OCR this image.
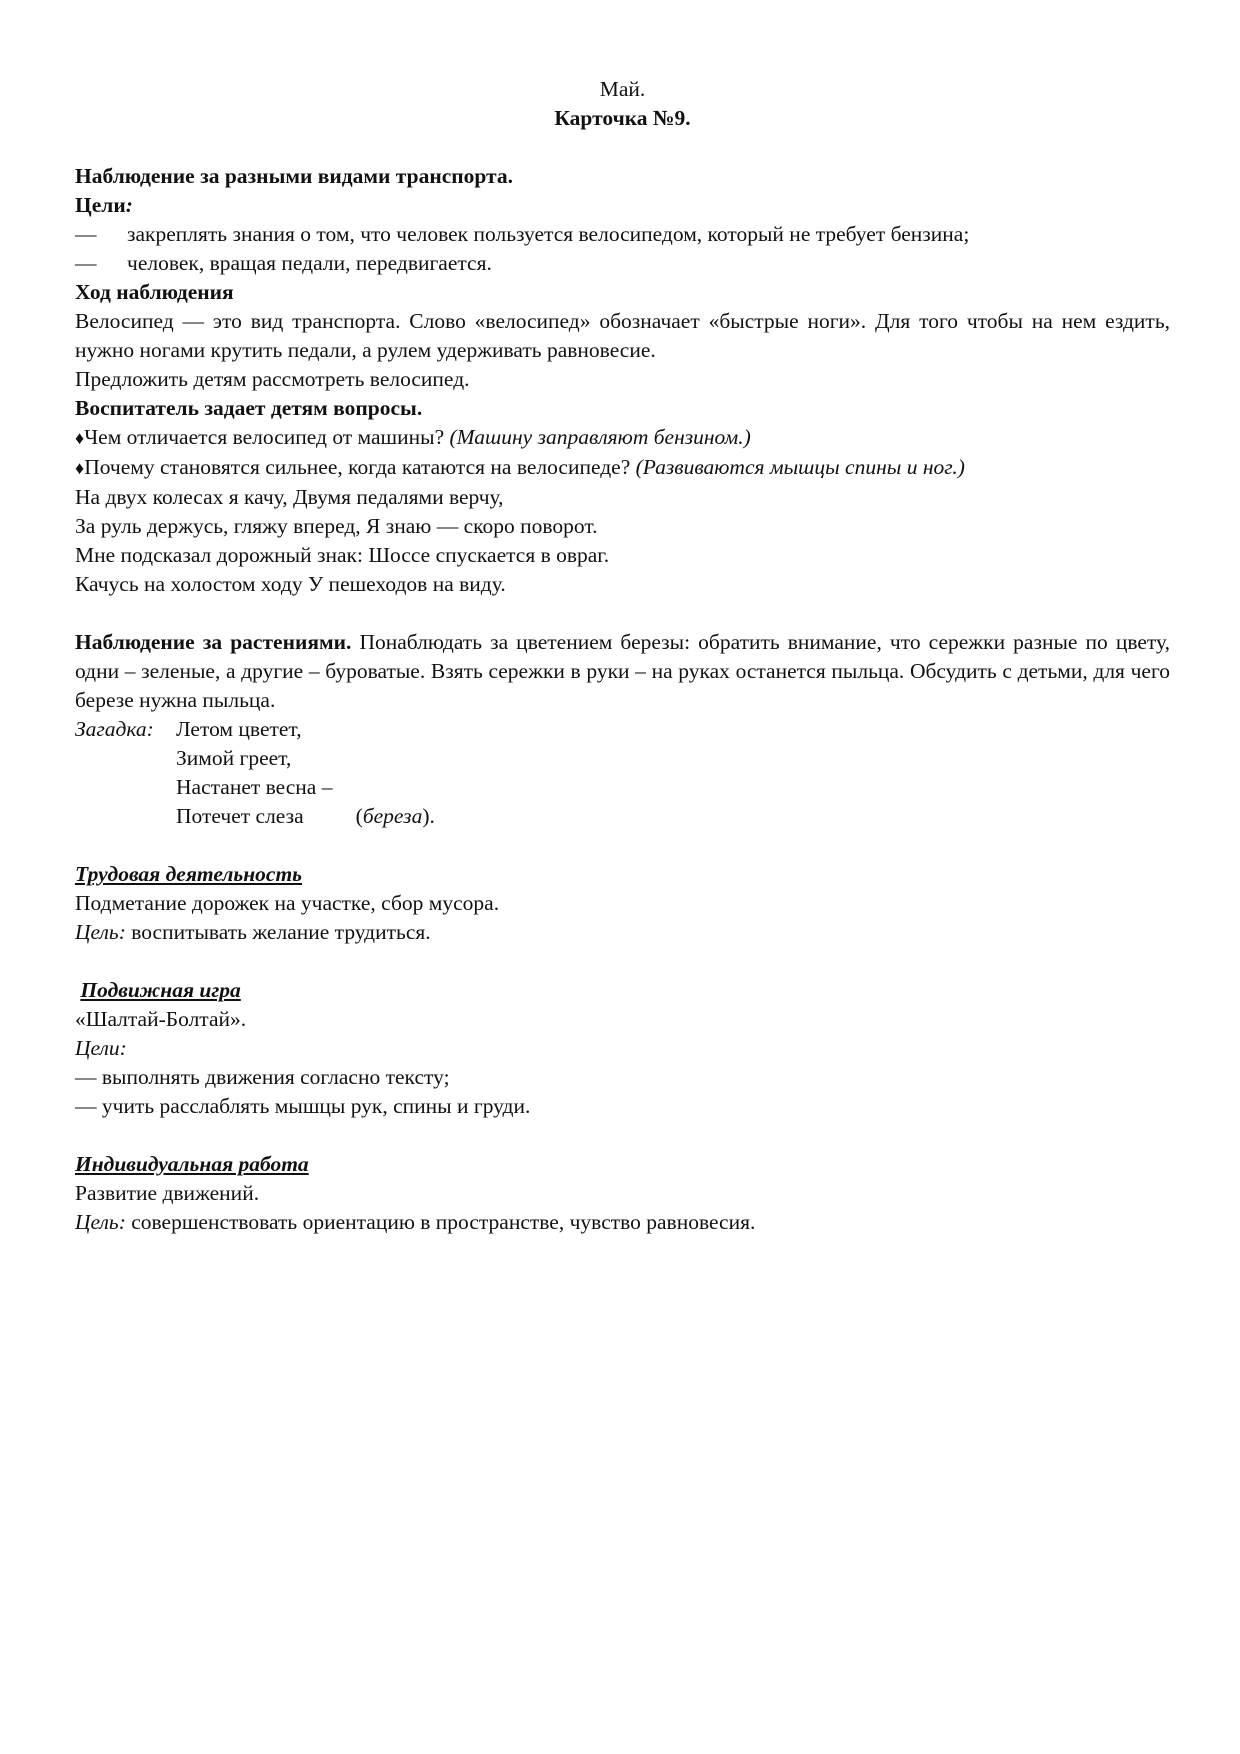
Май.

Карточка №9.

Наблюдение за разными видами транспорта.

Цели:

—	закреплять знания о том, что человек пользуется велосипедом, который не требует бензина;
—	человек, вращая педали, передвигается.

Ход наблюдения

Велосипед — это вид транспорта. Слово «велосипед» обозначает «быстрые ноги». Для того чтобы на нем ездить, нужно ногами крутить педали, а рулем удерживать равновесие.

Предложить детям рассмотреть велосипед.

Воспитатель задает детям вопросы.

♦Чем отличается велосипед от машины? (Машину заправляют бензином.)

♦Почему становятся сильнее, когда катаются на велосипеде? (Развиваются мышцы спины и ног.)

На двух колесах я качу, Двумя педалями верчу,

За руль держусь, гляжу вперед, Я знаю — скоро поворот.

Мне подсказал дорожный знак: Шоссе спускается в овраг.

Качусь на холостом ходу У пешеходов на виду.

Наблюдение за растениями. Понаблюдать за цветением березы: обратить внимание, что сережки разные по цвету, одни – зеленые, а другие – буроватые. Взять сережки в руки – на руках останется пыльца. Обсудить с детьми, для чего березе нужна пыльца.

Загадка:	Летом цветет,

Зимой греет,

Настанет весна –

Потечет слеза (береза).

Трудовая деятельность

Подметание дорожек на участке, сбор мусора.

Цель: воспитывать желание трудиться.

Подвижная игра

«Шалтай-Болтай».

Цели:

— выполнять движения согласно тексту;

— учить расслаблять мышцы рук, спины и груди.

Индивидуальная работа

Развитие движений.

Цель: совершенствовать ориентацию в пространстве, чувство равновесия.
